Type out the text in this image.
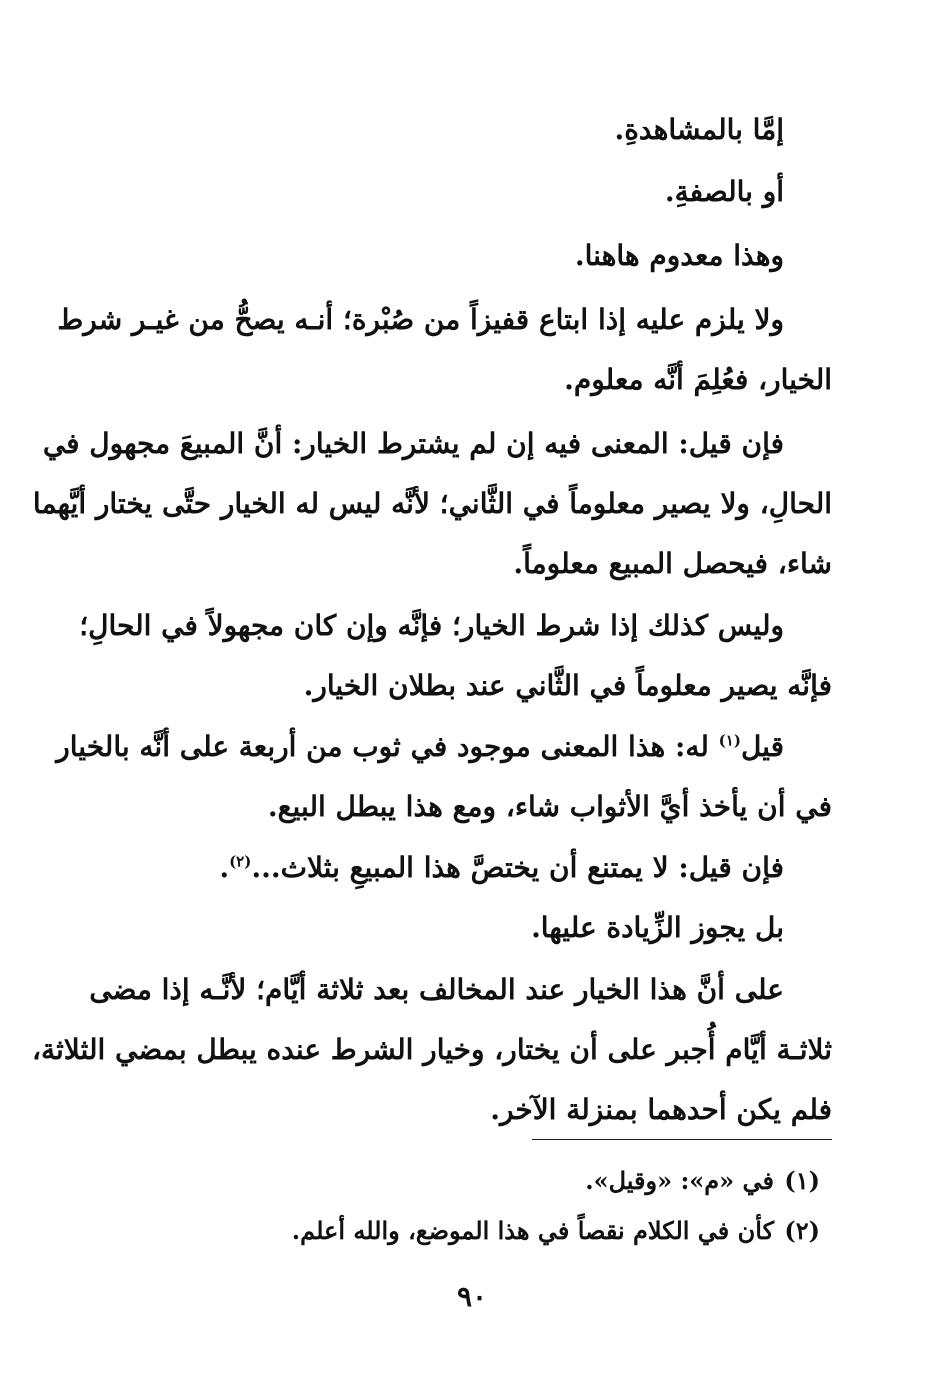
إمَّا بالمشاهدةِ.
أو بالصفةِ.
وهذا معدوم هاهنا.
ولا يلزم عليه إذا ابتاع قفيزاً من صُبْرة؛ أنـه يصحُّ من غيـر شرط
الخيار، فعُلِمَ أنَّه معلوم.
فإن قيل: المعنى فيه إن لم يشترط الخيار: أنَّ المبيعَ مجهول في
الحالِ، ولا يصير معلوماً في الثَّاني؛ لأنَّه ليس له الخيار حتَّى يختار أيَّهما
شاء، فيحصل المبيع معلوماً.
وليس كذلك إذا شرط الخيار؛ فإنَّه وإن كان مجهولاً في الحالِ؛
فإنَّه يصير معلوماً في الثَّاني عند بطلان الخيار.
قيل$^{(١)}$ له: هذا المعنى موجود في ثوب من أربعة على أنَّه بالخيار
في أن يأخذ أيَّ الأثواب شاء، ومع هذا يبطل البيع.
فإن قيل: لا يمتنع أن يختصَّ هذا المبيعِ بثلاث...$^{(٢)}$.
بل يجوز الزِّيادة عليها.
على أنَّ هذا الخيار عند المخالف بعد ثلاثة أيَّام؛ لأنَّـه إذا مضى
ثلاثـة أيَّام أُجبر على أن يختار، وخيار الشرط عنده يبطل بمضي الثلاثة،
فلم يكن أحدهما بمنزلة الآخر.
(١)في «م»: «وقيل».
(٢)كأن في الكلام نقصاً في هذا الموضع، والله أعلم.
٩٠
